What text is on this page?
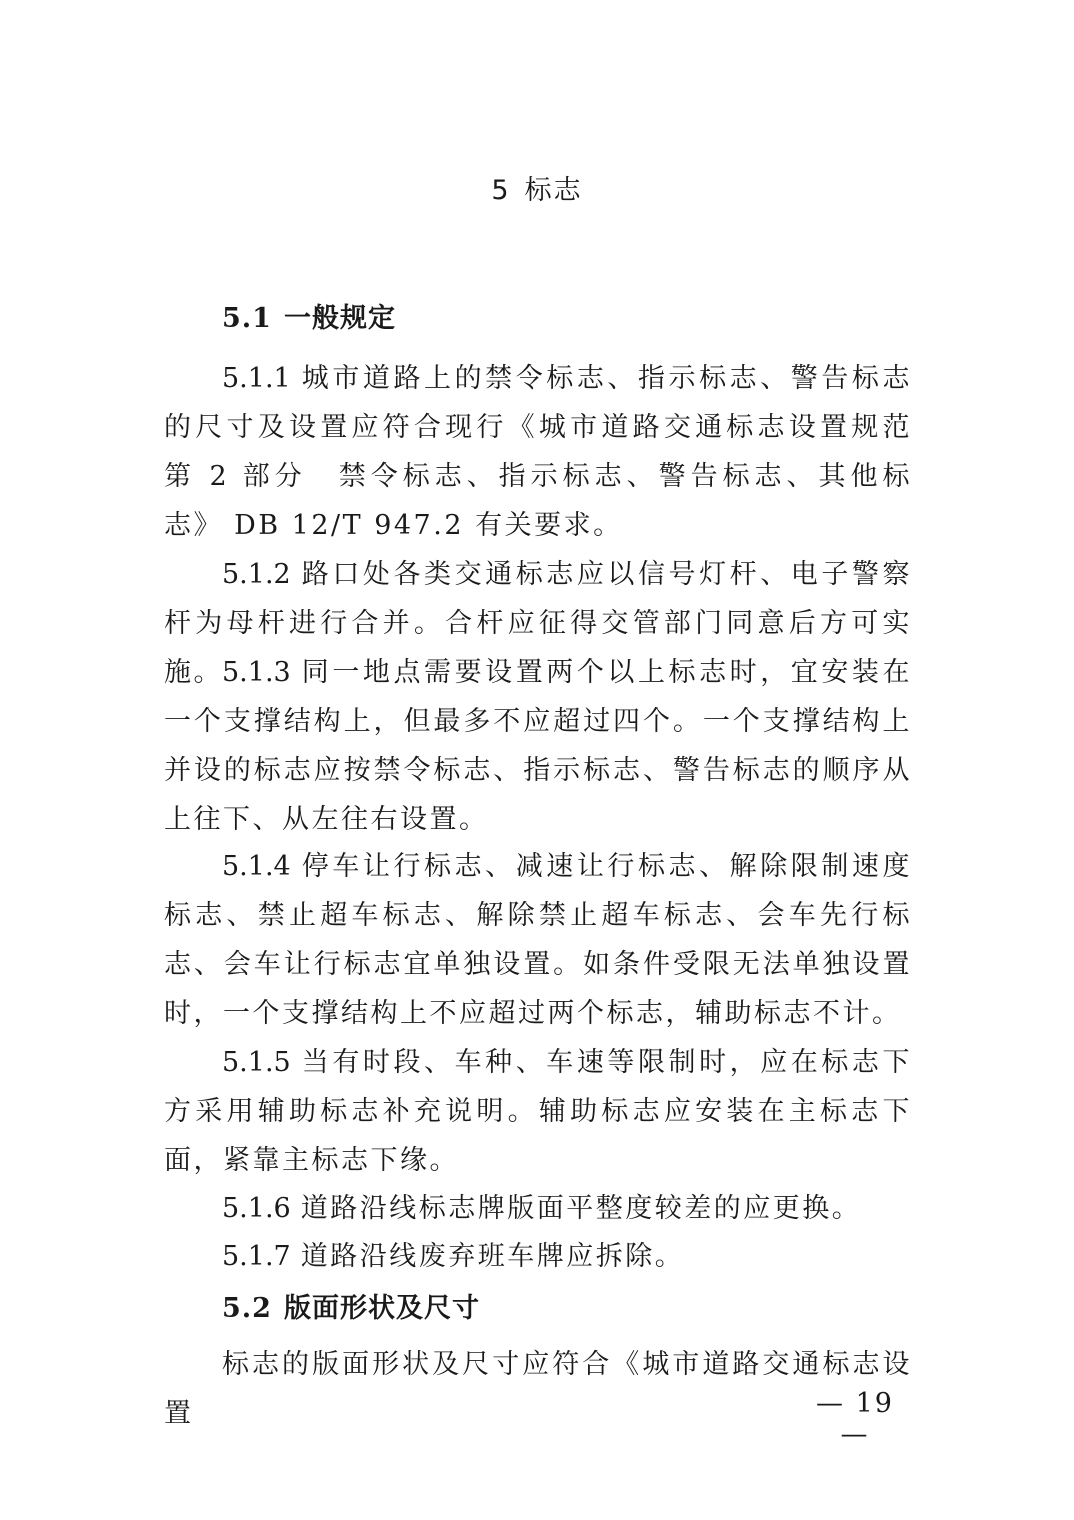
5 标志
5.1 一般规定
5.1.1 城市道路上的禁令标志、指示标志、警告标志的尺寸及设置应符合现行《城市道路交通标志设置规范　第 2 部分　禁令标志、指示标志、警告标志、其他标志》 DB 12/T 947.2 有关要求。
5.1.2 路口处各类交通标志应以信号灯杆、电子警察杆为母杆进行合并。合杆应征得交管部门同意后方可实施。 5.1.3 同一地点需要设置两个以上标志时，宜安装在一个支撑结构上，但最多不应超过四个。一个支撑结构上并设的标志应按禁令标志、指示标志、警告标志的顺序从上往下、从左往右设置。
5.1.4 停车让行标志、减速让行标志、解除限制速度标志、禁止超车标志、解除禁止超车标志、会车先行标志、会车让行标志宜单独设置。如条件受限无法单独设置时，一个支撑结构上不应超过两个标志，辅助标志不计。
5.1.5 当有时段、车种、车速等限制时，应在标志下方采用辅助标志补充说明。辅助标志应安装在主标志下面，紧靠主标志下缘。
5.1.6 道路沿线标志牌版面平整度较差的应更换。
5.1.7 道路沿线废弃班车牌应拆除。
5.2 版面形状及尺寸
标志的版面形状及尺寸应符合《城市道路交通标志设置	— 19 —
